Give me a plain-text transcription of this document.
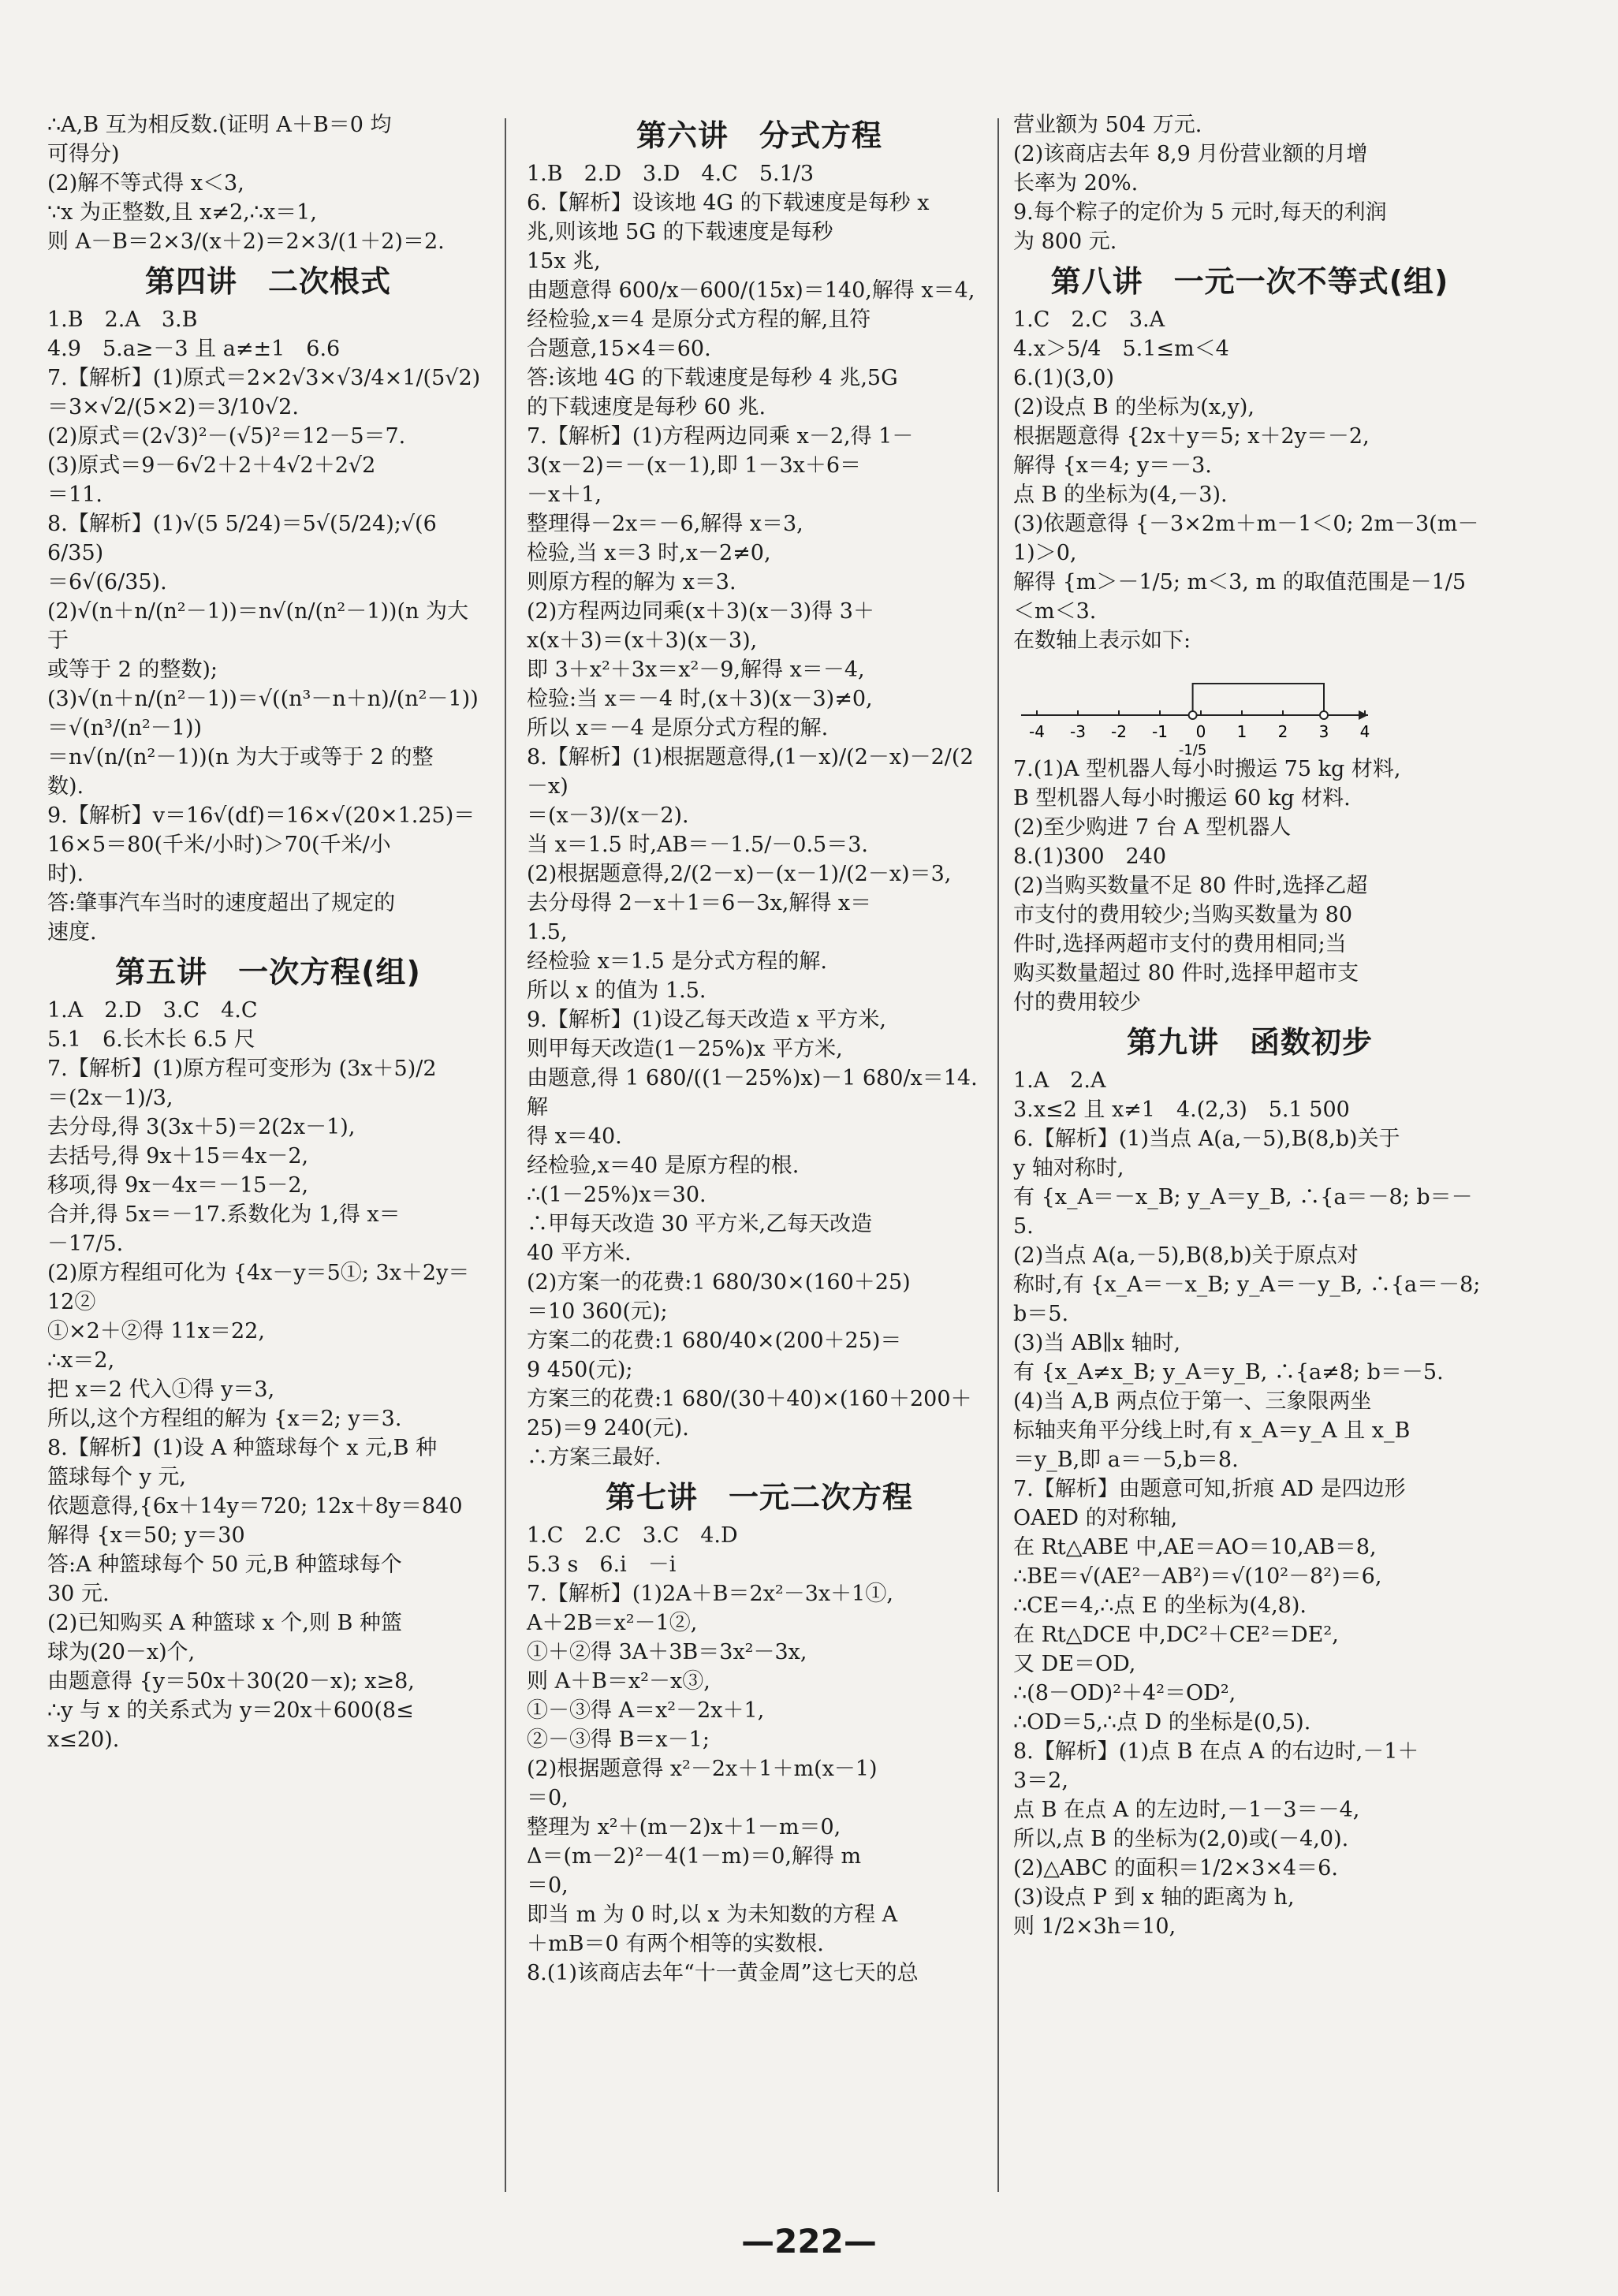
∴A,B 互为相反数.(证明 A＋B＝0 均

可得分)

(2)解不等式得 x＜3,

∵x 为正整数,且 x≠2,∴x＝1,

则 A－B＝2×3/(x＋2)＝2×3/(1＋2)＝2.

第四讲　二次根式

1.B　2.A　3.B

4.9　5.a≥－3 且 a≠±1　6.6

7.【解析】(1)原式＝2×2√3×√3/4×1/(5√2)

＝3×√2/(5×2)＝3/10√2.

(2)原式＝(2√3)²－(√5)²＝12－5＝7.

(3)原式＝9－6√2＋2＋4√2＋2√2

＝11.

8.【解析】(1)√(5 5/24)＝5√(5/24);√(6 6/35)

＝6√(6/35).

(2)√(n＋n/(n²－1))＝n√(n/(n²－1))(n 为大于

或等于 2 的整数);

(3)√(n＋n/(n²－1))＝√((n³－n＋n)/(n²－1))＝√(n³/(n²－1))

＝n√(n/(n²－1))(n 为大于或等于 2 的整

数).

9.【解析】v＝16√(df)＝16×√(20×1.25)＝

16×5＝80(千米/小时)＞70(千米/小

时).

答:肇事汽车当时的速度超出了规定的

速度.

第五讲　一次方程(组)

1.A　2.D　3.C　4.C

5.1　6.长木长 6.5 尺

7.【解析】(1)原方程可变形为 (3x＋5)/2

＝(2x－1)/3,

去分母,得 3(3x＋5)＝2(2x－1),

去括号,得 9x＋15＝4x－2,

移项,得 9x－4x＝－15－2,

合并,得 5x＝－17.系数化为 1,得 x＝

－17/5.

(2)原方程组可化为 {4x－y＝5①; 3x＋2y＝12②

①×2＋②得 11x＝22,

∴x＝2,

把 x＝2 代入①得 y＝3,

所以,这个方程组的解为 {x＝2; y＝3.

8.【解析】(1)设 A 种篮球每个 x 元,B 种

篮球每个 y 元,

依题意得,{6x＋14y＝720; 12x＋8y＝840

解得 {x＝50; y＝30

答:A 种篮球每个 50 元,B 种篮球每个

30 元.

(2)已知购买 A 种篮球 x 个,则 B 种篮

球为(20－x)个,

由题意得 {y＝50x＋30(20－x); x≥8,

∴y 与 x 的关系式为 y＝20x＋600(8≤

x≤20).

第六讲　分式方程

1.B　2.D　3.D　4.C　5.1/3

6.【解析】设该地 4G 的下载速度是每秒 x

兆,则该地 5G 的下载速度是每秒

15x 兆,

由题意得 600/x－600/(15x)＝140,解得 x＝4,

经检验,x＝4 是原分式方程的解,且符

合题意,15×4＝60.

答:该地 4G 的下载速度是每秒 4 兆,5G

的下载速度是每秒 60 兆.

7.【解析】(1)方程两边同乘 x－2,得 1－

3(x－2)＝－(x－1),即 1－3x＋6＝

－x＋1,

整理得－2x＝－6,解得 x＝3,

检验,当 x＝3 时,x－2≠0,

则原方程的解为 x＝3.

(2)方程两边同乘(x＋3)(x－3)得 3＋

x(x＋3)＝(x＋3)(x－3),

即 3＋x²＋3x＝x²－9,解得 x＝－4,

检验:当 x＝－4 时,(x＋3)(x－3)≠0,

所以 x＝－4 是原分式方程的解.

8.【解析】(1)根据题意得,(1－x)/(2－x)－2/(2－x)

＝(x－3)/(x－2).

当 x＝1.5 时,AB＝－1.5/－0.5＝3.

(2)根据题意得,2/(2－x)－(x－1)/(2－x)＝3,

去分母得 2－x＋1＝6－3x,解得 x＝

1.5,

经检验 x＝1.5 是分式方程的解.

所以 x 的值为 1.5.

9.【解析】(1)设乙每天改造 x 平方米,

则甲每天改造(1－25%)x 平方米,

由题意,得 1 680/((1－25%)x)－1 680/x＝14.解

得 x＝40.

经检验,x＝40 是原方程的根.

∴(1－25%)x＝30.

∴甲每天改造 30 平方米,乙每天改造

40 平方米.

(2)方案一的花费:1 680/30×(160＋25)

＝10 360(元);

方案二的花费:1 680/40×(200＋25)＝

9 450(元);

方案三的花费:1 680/(30＋40)×(160＋200＋

25)＝9 240(元).

∴方案三最好.

第七讲　一元二次方程

1.C　2.C　3.C　4.D

5.3 s　6.i　－i

7.【解析】(1)2A＋B＝2x²－3x＋1①,

A＋2B＝x²－1②,

①＋②得 3A＋3B＝3x²－3x,

则 A＋B＝x²－x③,

①－③得 A＝x²－2x＋1,

②－③得 B＝x－1;

(2)根据题意得 x²－2x＋1＋m(x－1)

＝0,

整理为 x²＋(m－2)x＋1－m＝0,

Δ＝(m－2)²－4(1－m)＝0,解得 m

＝0,

即当 m 为 0 时,以 x 为未知数的方程 A

＋mB＝0 有两个相等的实数根.

8.(1)该商店去年“十一黄金周”这七天的总

营业额为 504 万元.

(2)该商店去年 8,9 月份营业额的月增

长率为 20%.

9.每个粽子的定价为 5 元时,每天的利润

为 800 元.

第八讲　一元一次不等式(组)

1.C　2.C　3.A

4.x＞5/4　5.1≤m＜4

6.(1)(3,0)

(2)设点 B 的坐标为(x,y),

根据题意得 {2x＋y＝5; x＋2y＝－2,

解得 {x＝4; y＝－3.

点 B 的坐标为(4,－3).

(3)依题意得 {－3×2m＋m－1＜0; 2m－3(m－1)＞0,

解得 {m＞－1/5; m＜3, m 的取值范围是－1/5

＜m＜3.

在数轴上表示如下:

-4 -3 -2 -1 0 1 2 3 4
-1/5

7.(1)A 型机器人每小时搬运 75 kg 材料,

B 型机器人每小时搬运 60 kg 材料.

(2)至少购进 7 台 A 型机器人

8.(1)300　240

(2)当购买数量不足 80 件时,选择乙超

市支付的费用较少;当购买数量为 80

件时,选择两超市支付的费用相同;当

购买数量超过 80 件时,选择甲超市支

付的费用较少

第九讲　函数初步

1.A　2.A

3.x≤2 且 x≠1　4.(2,3)　5.1 500

6.【解析】(1)当点 A(a,－5),B(8,b)关于

y 轴对称时,

有 {x_A＝－x_B; y_A＝y_B, ∴{a＝－8; b＝－5.

(2)当点 A(a,－5),B(8,b)关于原点对

称时,有 {x_A＝－x_B; y_A＝－y_B, ∴{a＝－8; b＝5.

(3)当 AB∥x 轴时,

有 {x_A≠x_B; y_A＝y_B, ∴{a≠8; b＝－5.

(4)当 A,B 两点位于第一、三象限两坐

标轴夹角平分线上时,有 x_A＝y_A 且 x_B

＝y_B,即 a＝－5,b＝8.

7.【解析】由题意可知,折痕 AD 是四边形

OAED 的对称轴,

在 Rt△ABE 中,AE＝AO＝10,AB＝8,

∴BE＝√(AE²－AB²)＝√(10²－8²)＝6,

∴CE＝4,∴点 E 的坐标为(4,8).

在 Rt△DCE 中,DC²＋CE²＝DE²,

又 DE＝OD,

∴(8－OD)²＋4²＝OD²,

∴OD＝5,∴点 D 的坐标是(0,5).

8.【解析】(1)点 B 在点 A 的右边时,－1＋

3＝2,

点 B 在点 A 的左边时,－1－3＝－4,

所以,点 B 的坐标为(2,0)或(－4,0).

(2)△ABC 的面积＝1/2×3×4＝6.

(3)设点 P 到 x 轴的距离为 h,

则 1/2×3h＝10,

—222—
